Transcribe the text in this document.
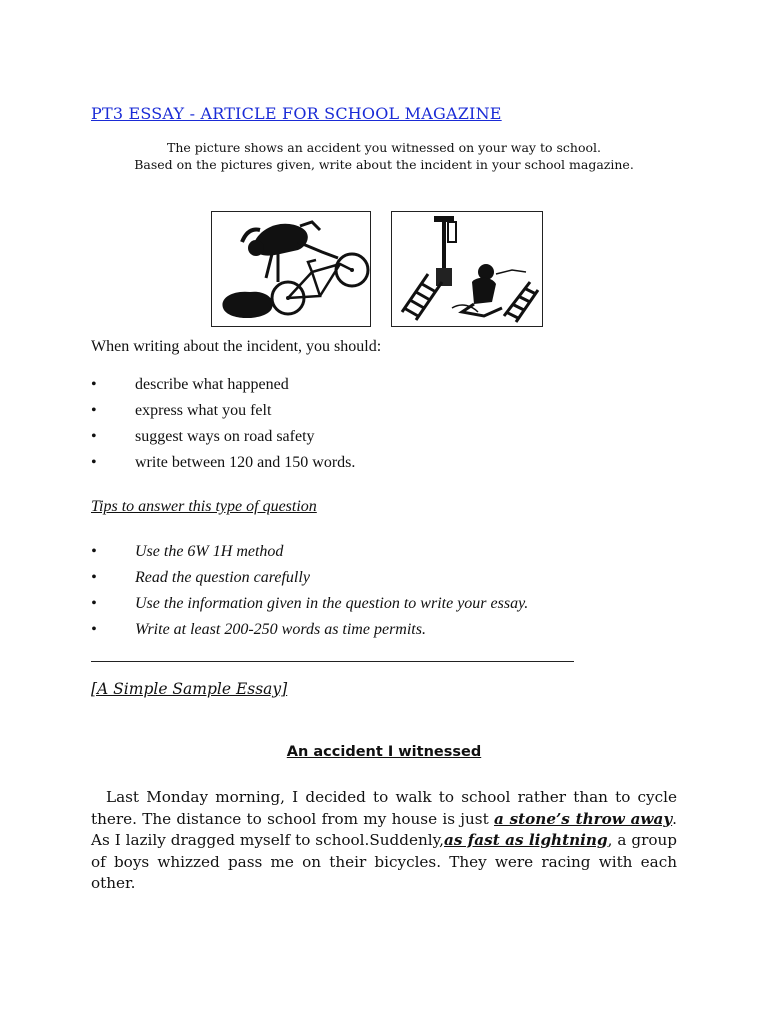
PT3 ESSAY - ARTICLE FOR SCHOOL MAGAZINE
The picture shows an accident you witnessed on your way to school.
Based on the pictures given, write about the incident in your school magazine.
When writing about the incident, you should:
• describe what happened
• express what you felt
• suggest ways on road safety
• write between 120 and 150 words.
Tips to answer this type of question
• Use the 6W 1H method
• Read the question carefully
• Use the information given in the question to write your essay.
• Write at least 200-250 words as time permits.
[A Simple Sample Essay]
An accident I witnessed

Last Monday morning, I decided to walk to school rather than to cycle there. The distance to school from my house is just a stone’s throw away. As I lazily dragged myself to school.Suddenly,as fast as lightning, a group of boys whizzed pass me on their bicycles. They were racing with each other.
